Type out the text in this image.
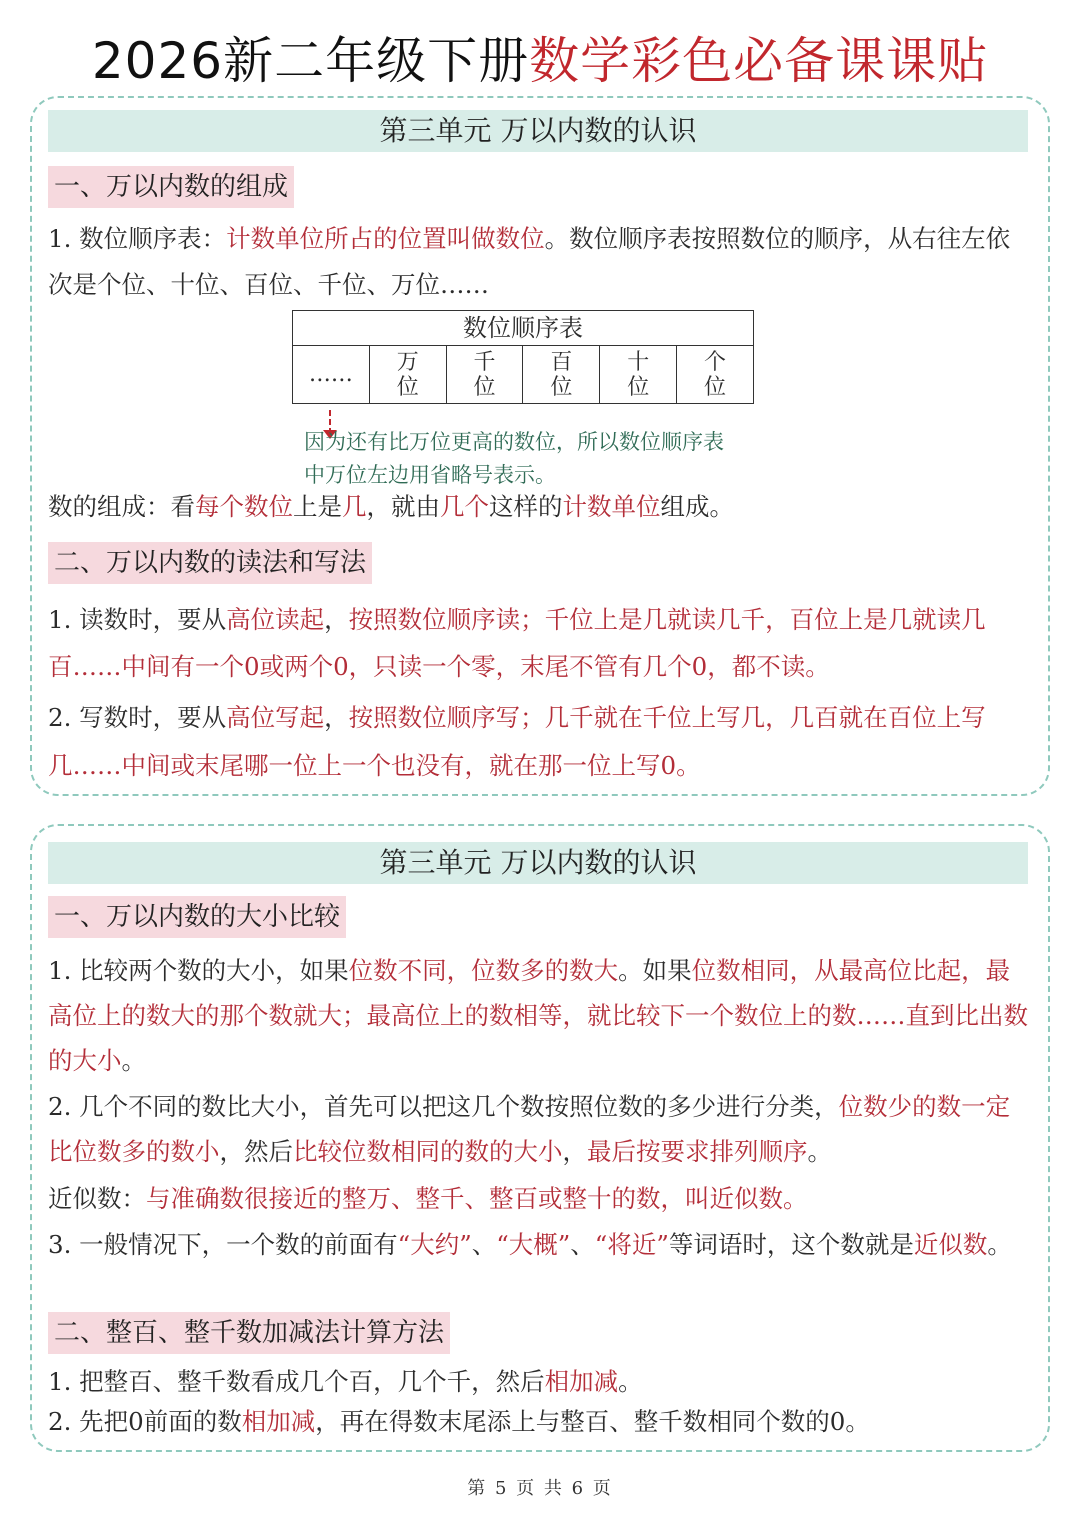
2026新二年级下册数学彩色必备课课贴
第三单元 万以内数的认识
一、万以内数的组成
1. 数位顺序表：计数单位所占的位置叫做数位。数位顺序表按照数位的顺序，从右往左依次是个位、十位、百位、千位、万位……
数位顺序表
…… 万位
千位
百位
十位
个位
因为还有比万位更高的数位，所以数位顺序表中万位左边用省略号表示。
数的组成：看每个数位上是几，就由几个这样的计数单位组成。
二、万以内数的读法和写法
1. 读数时，要从高位读起，按照数位顺序读；千位上是几就读几千，百位上是几就读几百……中间有一个0或两个0，只读一个零，末尾不管有几个0，都不读。
2. 写数时，要从高位写起，按照数位顺序写；几千就在千位上写几，几百就在百位上写几……中间或末尾哪一位上一个也没有，就在那一位上写0。
第三单元 万以内数的认识
一、万以内数的大小比较
1. 比较两个数的大小，如果位数不同，位数多的数大。如果位数相同，从最高位比起，最高位上的数大的那个数就大；最高位上的数相等，就比较下一个数位上的数……直到比出数的大小。
2. 几个不同的数比大小，首先可以把这几个数按照位数的多少进行分类，位数少的数一定比位数多的数小，然后比较位数相同的数的大小，最后按要求排列顺序。
近似数：与准确数很接近的整万、整千、整百或整十的数，叫近似数。
3. 一般情况下，一个数的前面有“大约”、“大概”、“将近”等词语时，这个数就是近似数。
二、整百、整千数加减法计算方法
1. 把整百、整千数看成几个百，几个千，然后相加减。
2. 先把0前面的数相加减，再在得数末尾添上与整百、整千数相同个数的0。
第 5 页 共 6 页
